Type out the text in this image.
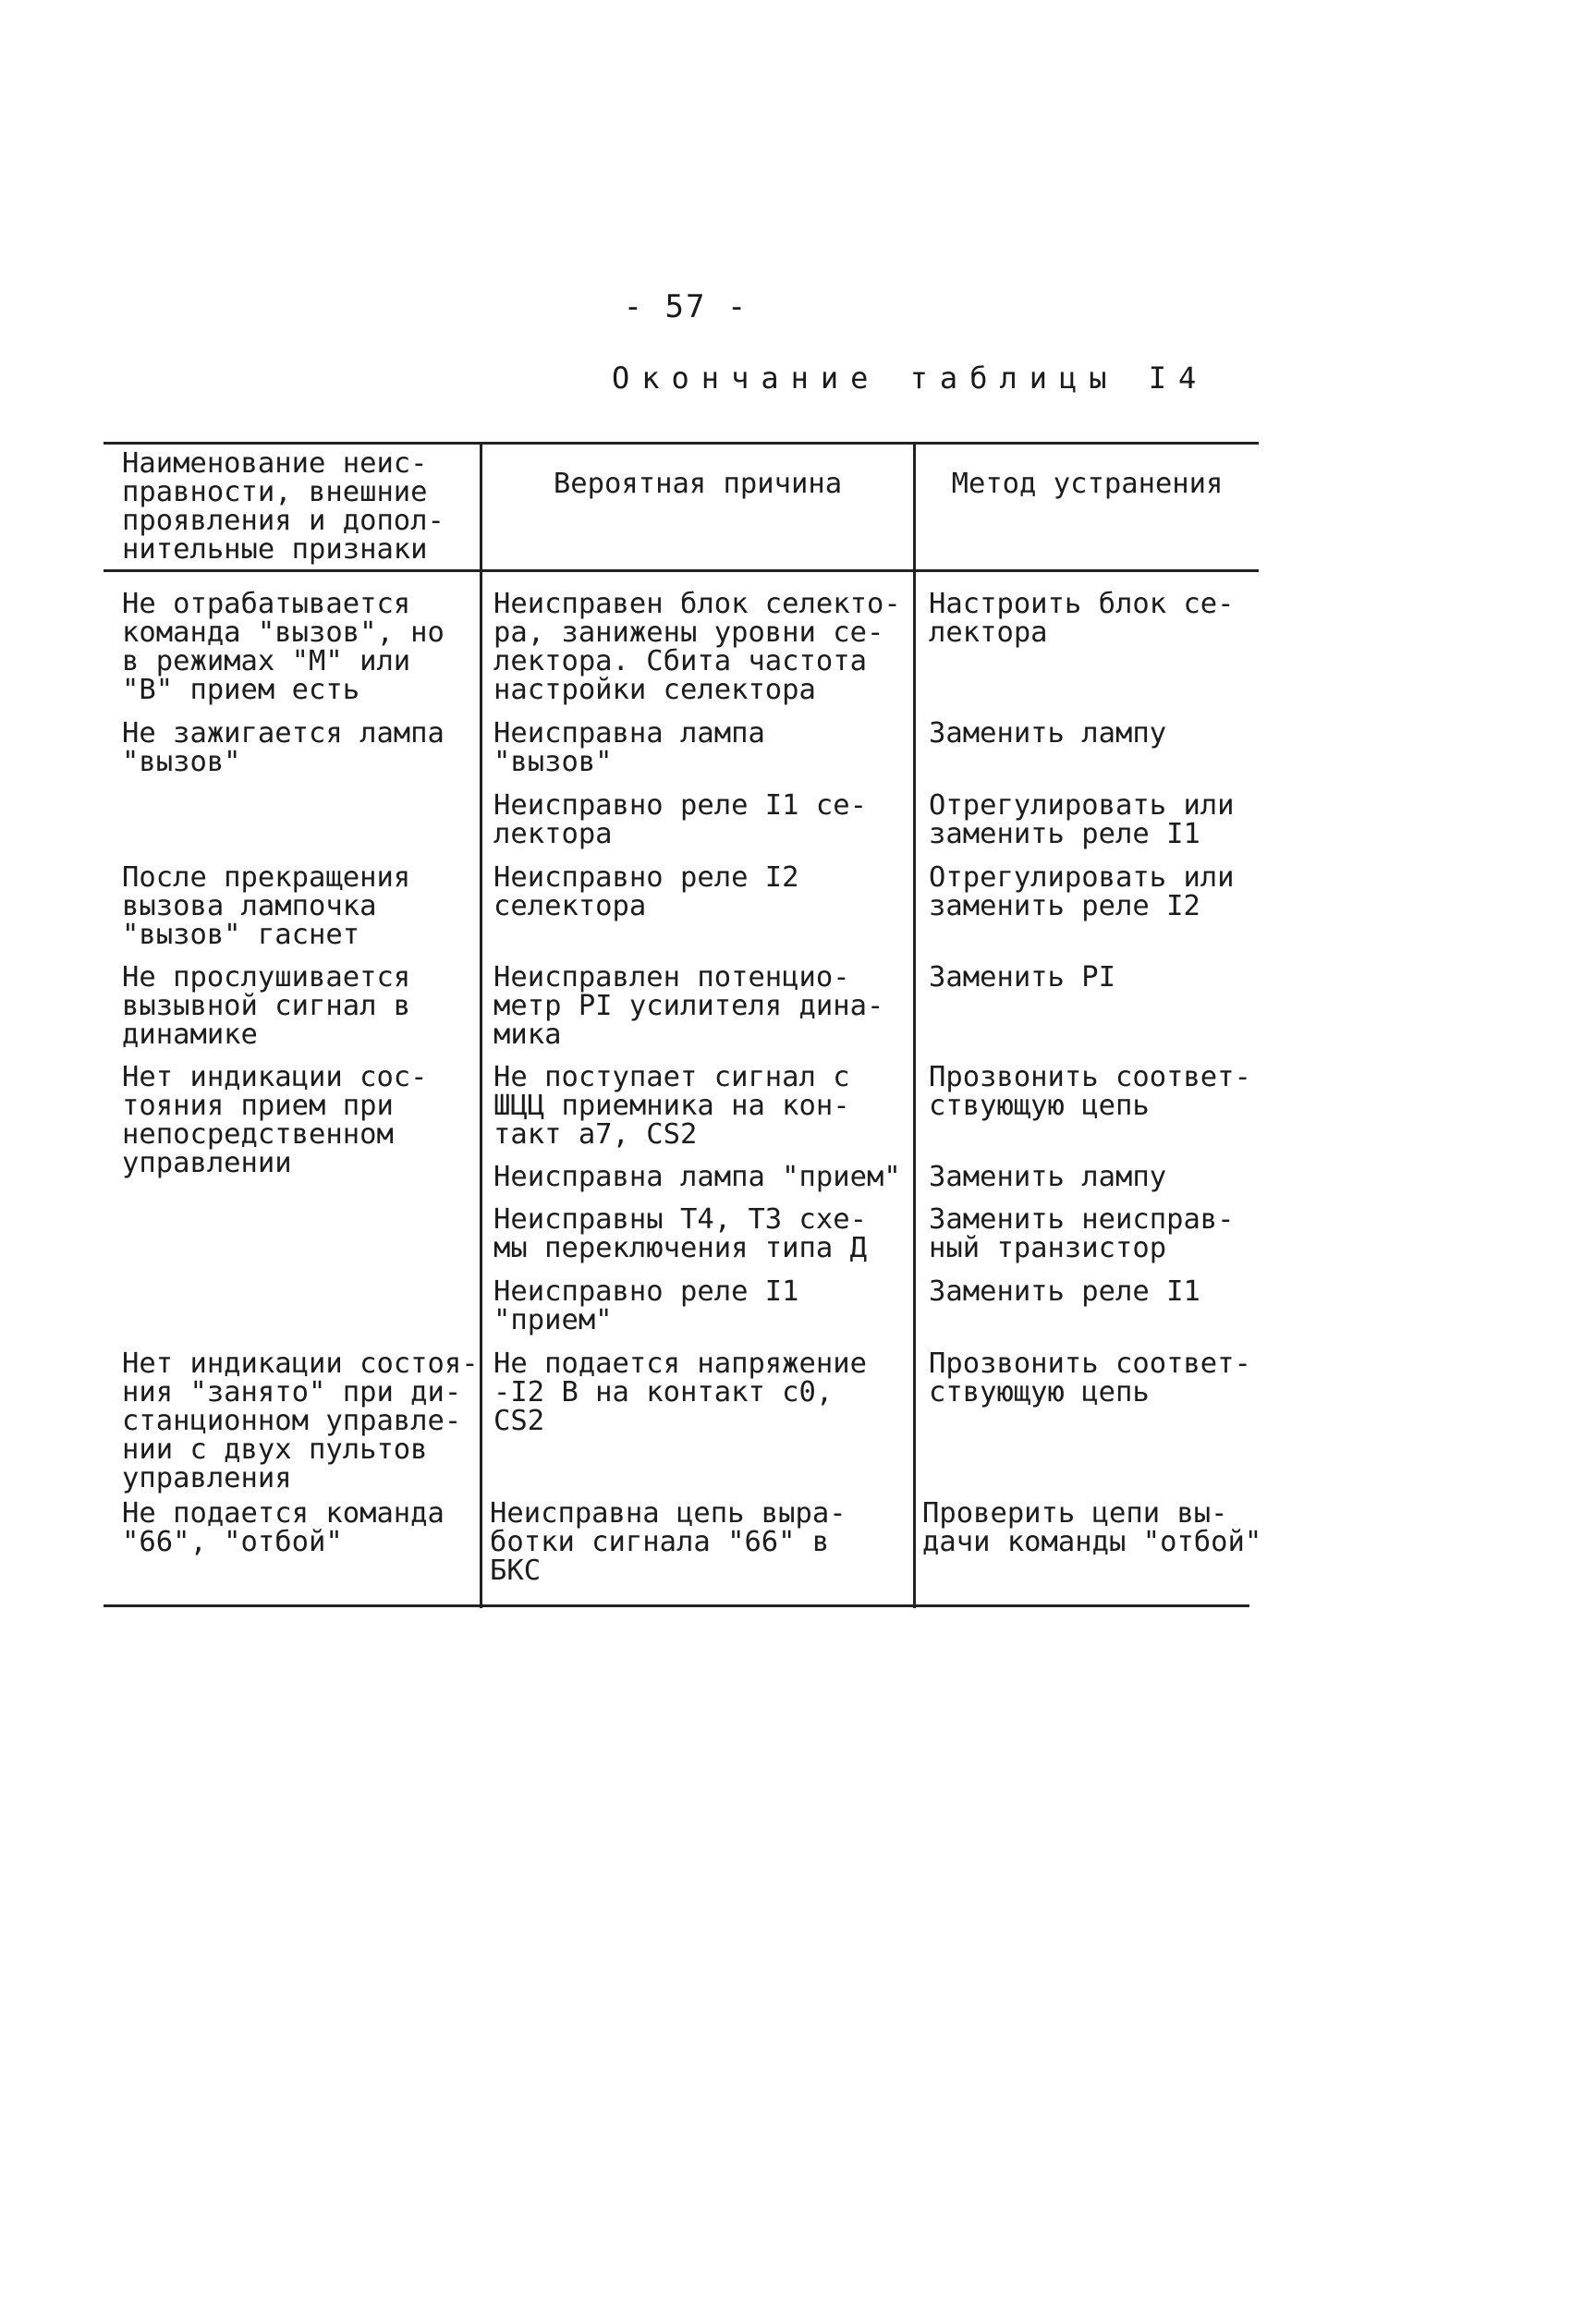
- 57 -
Окончание таблицы I4
Наименование неис-
правности, внешние
проявления и допол-
нительные признаки
Вероятная причина	Метод устранения
Не отрабатывается
команда "вызов", но
в режимах "М" или
"В" прием есть
Неисправен блок селекто-
ра, занижены уровни се-
лектора. Сбита частота
настройки селектора
Настроить блок се-
лектора
Не зажигается лампа
"вызов"
Неисправна лампа
"вызов"
Заменить лампу
Неисправно реле I1 се-
лектора
Отрегулировать или
заменить реле I1
После прекращения
вызова лампочка
"вызов" гаснет
Неисправно реле I2
селектора
Отрегулировать или
заменить реле I2
Не прослушивается
вызывной сигнал в
динамике
Неисправлен потенцио-
метр РI усилителя дина-
мика
Заменить РI
Нет индикации сос-
тояния прием при
непосредственном
управлении
Не поступает сигнал с
ШЦЦ приемника на кон-
такт а7, CS2
Прозвонить соответ-
ствующую цепь
Неисправна лампа "прием" Заменить лампу
Неисправны Т4, Т3 схе-
мы переключения типа Д
Заменить неисправ-
ный транзистор
Неисправно реле I1
"прием"
Заменить реле I1
Нет индикации состоя-
ния "занято" при ди-
станционном управле-
нии с двух пультов
управления
Не подается напряжение
-I2 В на контакт с0,
CS2
Прозвонить соответ-
ствующую цепь
Не подается команда
"66", "отбой"
Неисправна цепь выра-
ботки сигнала "66" в
БКС
Проверить цепи вы-
дачи команды "отбой"
